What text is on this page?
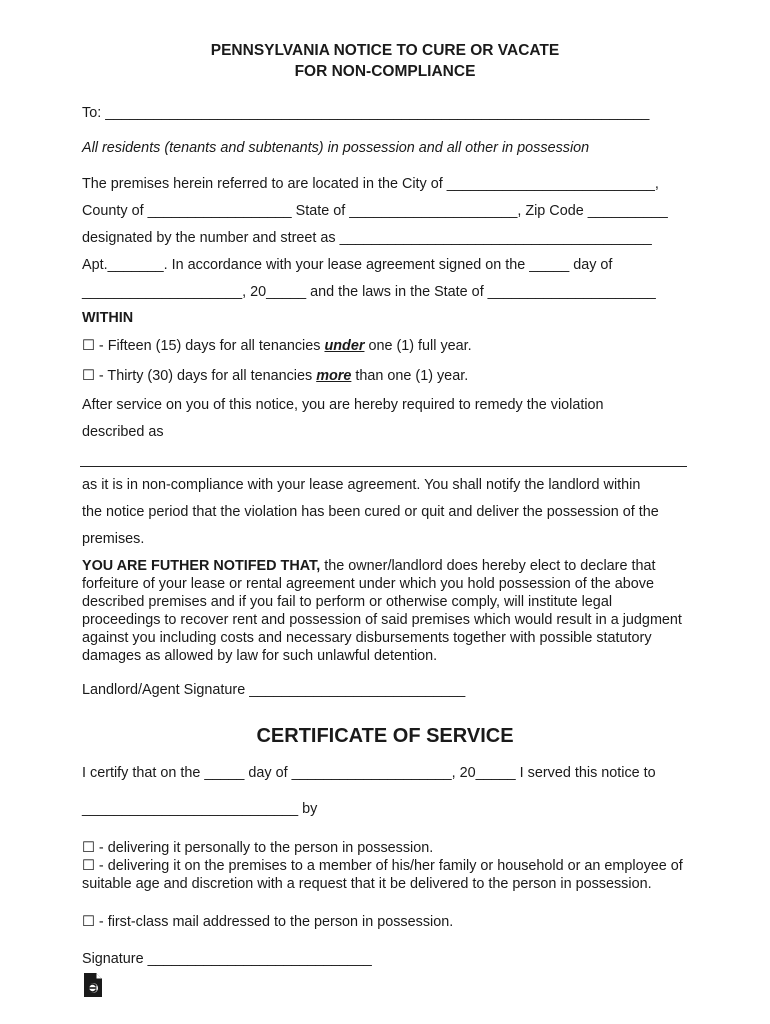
PENNSYLVANIA NOTICE TO CURE OR VACATE
FOR NON-COMPLIANCE
To: ____________________________________________________________________
All residents (tenants and subtenants) in possession and all other in possession
The premises herein referred to are located in the City of __________________________,
County of __________________ State of _____________________, Zip Code __________
designated by the number and street as _______________________________________
Apt._______. In accordance with your lease agreement signed on the _____ day of
____________________, 20_____ and the laws in the State of _____________________
WITHIN
☐ - Fifteen (15) days for all tenancies under one (1) full year.
☐ - Thirty (30) days for all tenancies more than one (1) year.
After service on you of this notice, you are hereby required to remedy the violation
described as
as it is in non-compliance with your lease agreement. You shall notify the landlord within
the notice period that the violation has been cured or quit and deliver the possession of the
premises.
YOU ARE FUTHER NOTIFED THAT, the owner/landlord does hereby elect to declare that forfeiture of your lease or rental agreement under which you hold possession of the above described premises and if you fail to perform or otherwise comply, will institute legal proceedings to recover rent and possession of said premises which would result in a judgment against you including costs and necessary disbursements together with possible statutory damages as allowed by law for such unlawful detention.
Landlord/Agent Signature ___________________________
CERTIFICATE OF SERVICE
I certify that on the _____ day of ____________________, 20_____ I served this notice to
___________________________ by
☐ - delivering it personally to the person in possession.
☐ - delivering it on the premises to a member of his/her family or household or an employee of suitable age and discretion with a request that it be delivered to the person in possession.
☐ - first-class mail addressed to the person in possession.
Signature ____________________________
